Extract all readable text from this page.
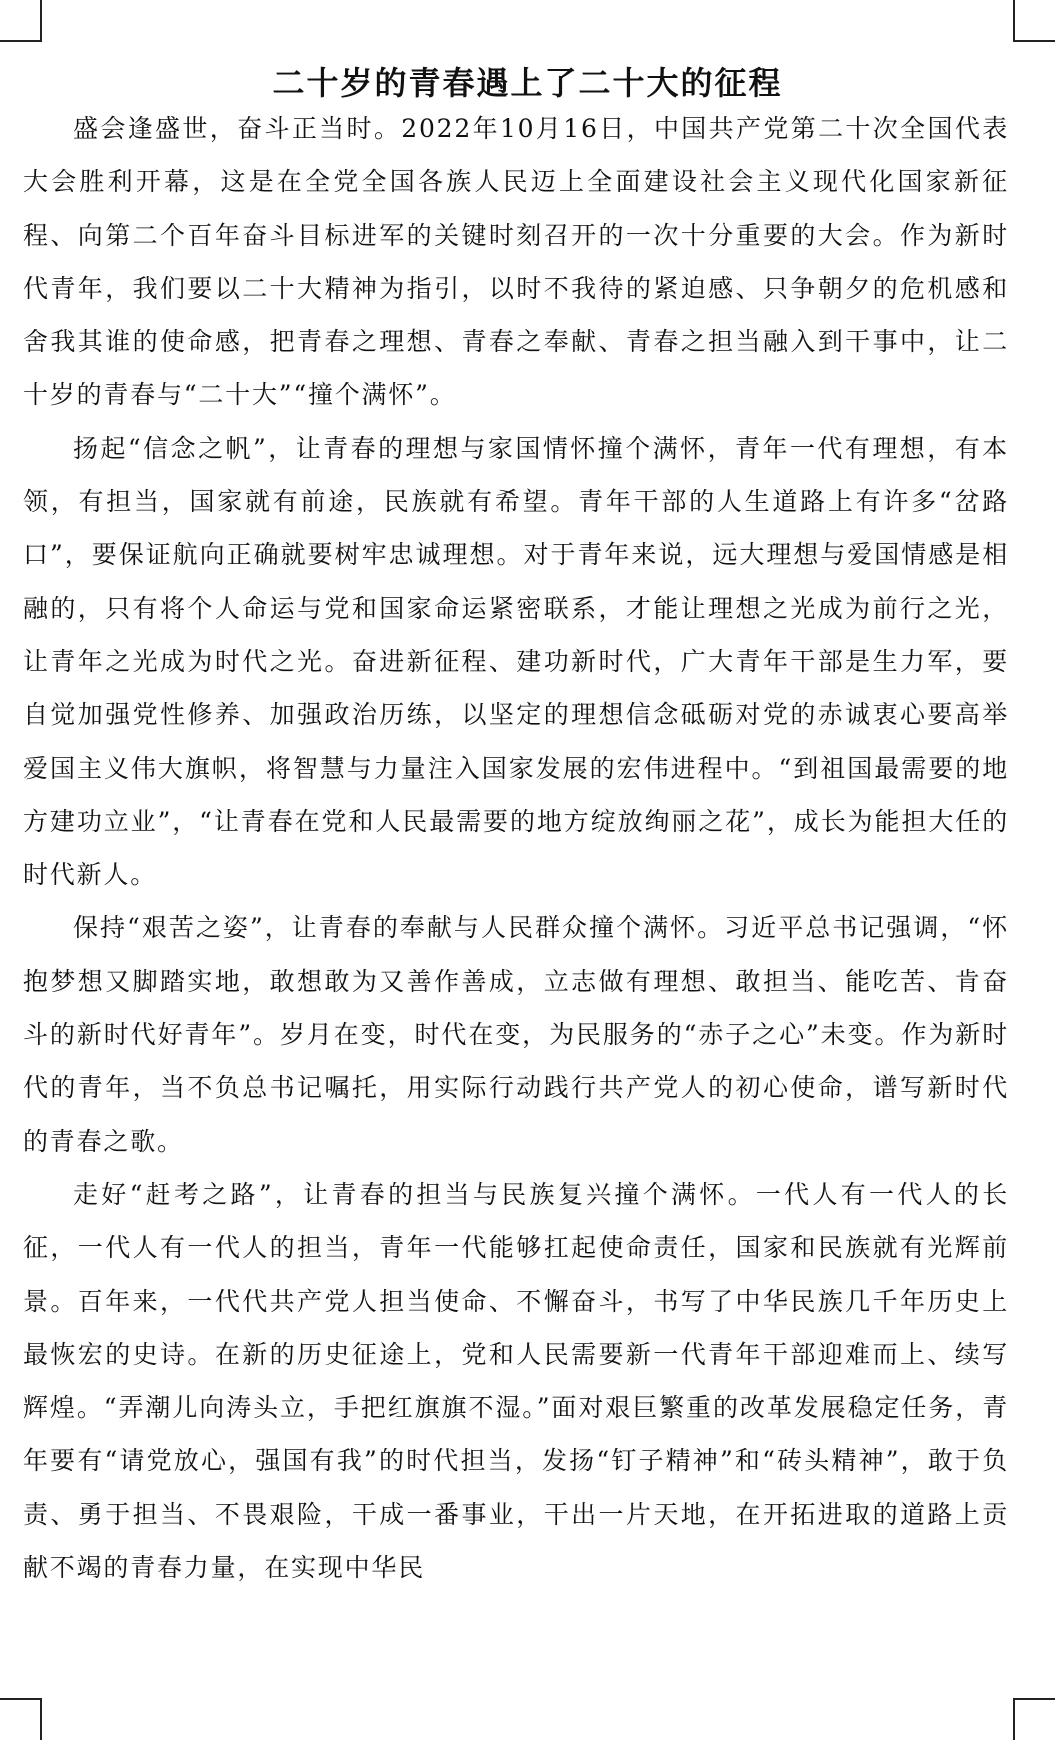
二十岁的青春遇上了二十大的征程

盛会逢盛世，奋斗正当时。2022年10月16日，中国共产党第二十次全国代表大会胜利开幕，这是在全党全国各族人民迈上全面建设社会主义现代化国家新征程、向第二个百年奋斗目标进军的关键时刻召开的一次十分重要的大会。作为新时代青年，我们要以二十大精神为指引，以时不我待的紧迫感、只争朝夕的危机感和舍我其谁的使命感，把青春之理想、青春之奉献、青春之担当融入到干事中，让二十岁的青春与“二十大”“撞个满怀”。

扬起“信念之帆”，让青春的理想与家国情怀撞个满怀，青年一代有理想，有本领，有担当，国家就有前途，民族就有希望。青年干部的人生道路上有许多“岔路口”，要保证航向正确就要树牢忠诚理想。对于青年来说，远大理想与爱国情感是相融的，只有将个人命运与党和国家命运紧密联系，才能让理想之光成为前行之光，让青年之光成为时代之光。奋进新征程、建功新时代，广大青年干部是生力军，要自觉加强党性修养、加强政治历练，以坚定的理想信念砥砺对党的赤诚衷心要高举爱国主义伟大旗帜，将智慧与力量注入国家发展的宏伟进程中。“到祖国最需要的地方建功立业”，“让青春在党和人民最需要的地方绽放绚丽之花”，成长为能担大任的时代新人。

保持“艰苦之姿”，让青春的奉献与人民群众撞个满怀。习近平总书记强调，“怀抱梦想又脚踏实地，敢想敢为又善作善成，立志做有理想、敢担当、能吃苦、肯奋斗的新时代好青年”。岁月在变，时代在变，为民服务的“赤子之心”未变。作为新时代的青年，当不负总书记嘱托，用实际行动践行共产党人的初心使命，谱写新时代的青春之歌。

走好“赶考之路”，让青春的担当与民族复兴撞个满怀。一代人有一代人的长征，一代人有一代人的担当，青年一代能够扛起使命责任，国家和民族就有光辉前景。百年来，一代代共产党人担当使命、不懈奋斗，书写了中华民族几千年历史上最恢宏的史诗。在新的历史征途上，党和人民需要新一代青年干部迎难而上、续写辉煌。“弄潮儿向涛头立，手把红旗旗不湿。”面对艰巨繁重的改革发展稳定任务，青年要有“请党放心，强国有我”的时代担当，发扬“钉子精神”和“砖头精神”，敢于负责、勇于担当、不畏艰险，干成一番事业，干出一片天地，在开拓进取的道路上贡献不竭的青春力量，在实现中华民
